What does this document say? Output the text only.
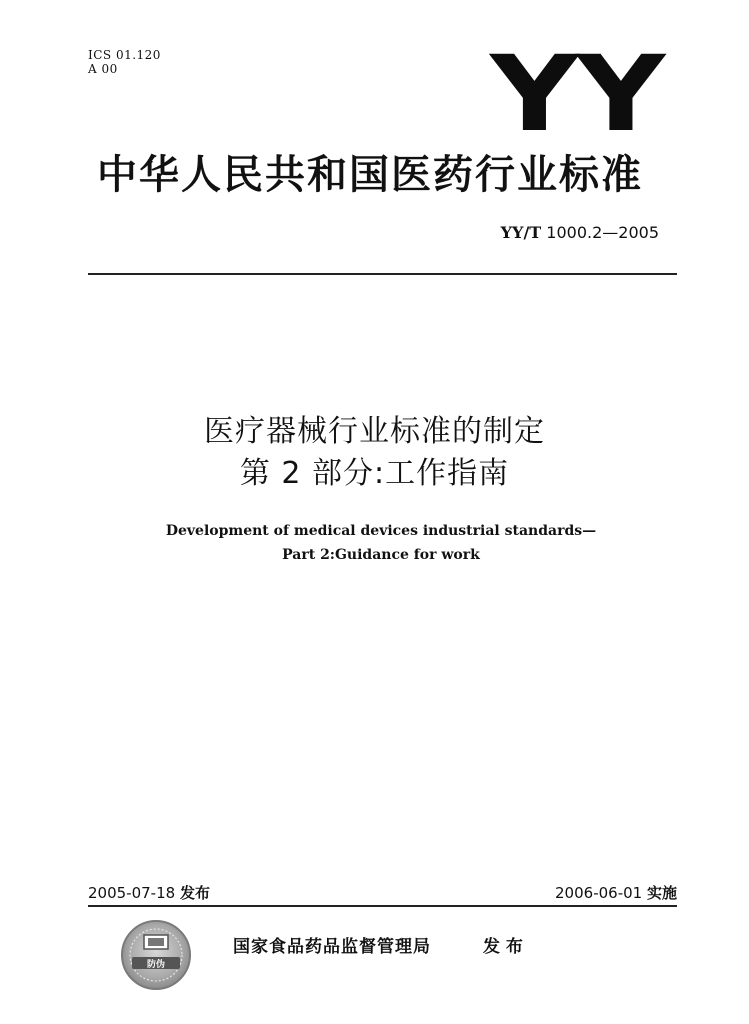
ICS 01.120
A 00	YY
中华人民共和国医药行业标准
YY/T 1000.2—2005
医疗器械行业标准的制定
第 2 部分:工作指南
Development of medical devices industrial standards—
Part 2:Guidance for work
2005-07-18 发布	2006-06-01 实施
防伪
国家食品药品监督管理局	发 布
